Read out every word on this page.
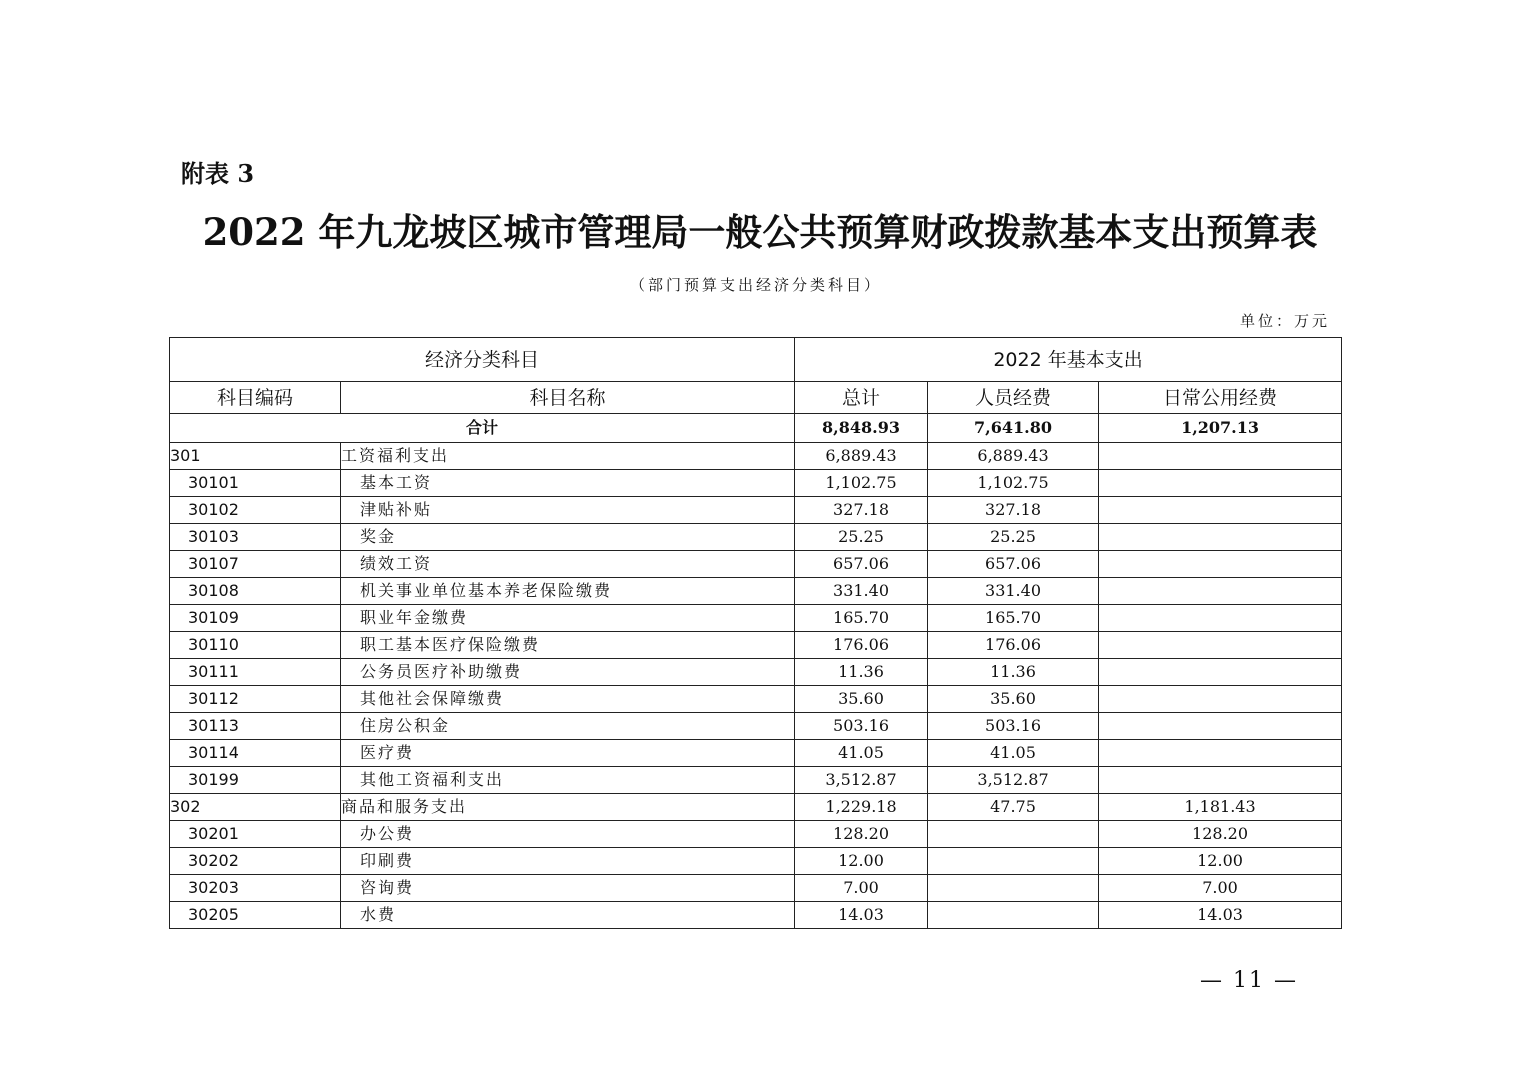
附表 3
2022 年九龙坡区城市管理局一般公共预算财政拨款基本支出预算表
（部门预算支出经济分类科目）
单位：万元
经济分类科目		2022 年基本支出		
科目编码	科目名称	总计	人员经费	日常公用经费
合计		8,848.93	7,641.80	1,207.13
301	工资福利支出	6,889.43	6,889.43	
30101	基本工资	1,102.75	1,102.75	
30102	津贴补贴	327.18	327.18	
30103	奖金	25.25	25.25	
30107	绩效工资	657.06	657.06	
30108	机关事业单位基本养老保险缴费	331.40	331.40	
30109	职业年金缴费	165.70	165.70	
30110	职工基本医疗保险缴费	176.06	176.06	
30111	公务员医疗补助缴费	11.36	11.36	
30112	其他社会保障缴费	35.60	35.60	
30113	住房公积金	503.16	503.16	
30114	医疗费	41.05	41.05	
30199	其他工资福利支出	3,512.87	3,512.87	
302	商品和服务支出	1,229.18	47.75	1,181.43
30201	办公费	128.20		128.20
30202	印刷费	12.00		12.00
30203	咨询费	7.00		7.00
30205	水费	14.03		14.03
— 11 —
